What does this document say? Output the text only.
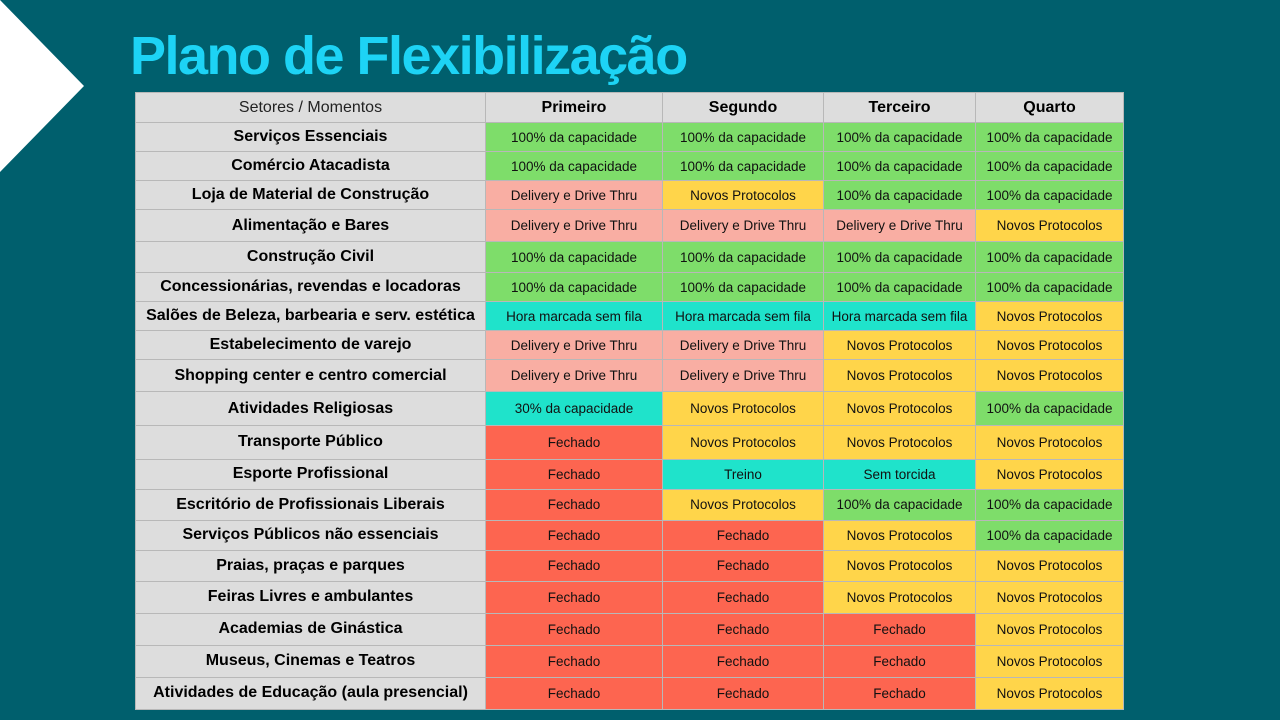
Plano de Flexibilização
Setores / Momentos	Primeiro	Segundo	Terceiro	Quarto
Serviços Essenciais	100% da capacidade	100% da capacidade	100% da capacidade	100% da capacidade
Comércio Atacadista	100% da capacidade	100% da capacidade	100% da capacidade	100% da capacidade
Loja de Material de Construção	Delivery e Drive Thru	Novos Protocolos	100% da capacidade	100% da capacidade
Alimentação e Bares	Delivery e Drive Thru	Delivery e Drive Thru	Delivery e Drive Thru	Novos Protocolos
Construção Civil	100% da capacidade	100% da capacidade	100% da capacidade	100% da capacidade
Concessionárias, revendas e locadoras	100% da capacidade	100% da capacidade	100% da capacidade	100% da capacidade
Salões de Beleza, barbearia e serv. estética	Hora marcada sem fila	Hora marcada sem fila	Hora marcada sem fila	Novos Protocolos
Estabelecimento de varejo	Delivery e Drive Thru	Delivery e Drive Thru	Novos Protocolos	Novos Protocolos
Shopping center e centro comercial	Delivery e Drive Thru	Delivery e Drive Thru	Novos Protocolos	Novos Protocolos
Atividades Religiosas	30% da capacidade	Novos Protocolos	Novos Protocolos	100% da capacidade
Transporte Público	Fechado	Novos Protocolos	Novos Protocolos	Novos Protocolos
Esporte Profissional	Fechado	Treino	Sem torcida	Novos Protocolos
Escritório de Profissionais Liberais	Fechado	Novos Protocolos	100% da capacidade	100% da capacidade
Serviços Públicos não essenciais	Fechado	Fechado	Novos Protocolos	100% da capacidade
Praias, praças e parques	Fechado	Fechado	Novos Protocolos	Novos Protocolos
Feiras Livres e ambulantes	Fechado	Fechado	Novos Protocolos	Novos Protocolos
Academias de Ginástica	Fechado	Fechado	Fechado	Novos Protocolos
Museus, Cinemas e Teatros	Fechado	Fechado	Fechado	Novos Protocolos
Atividades de Educação (aula presencial)	Fechado	Fechado	Fechado	Novos Protocolos
